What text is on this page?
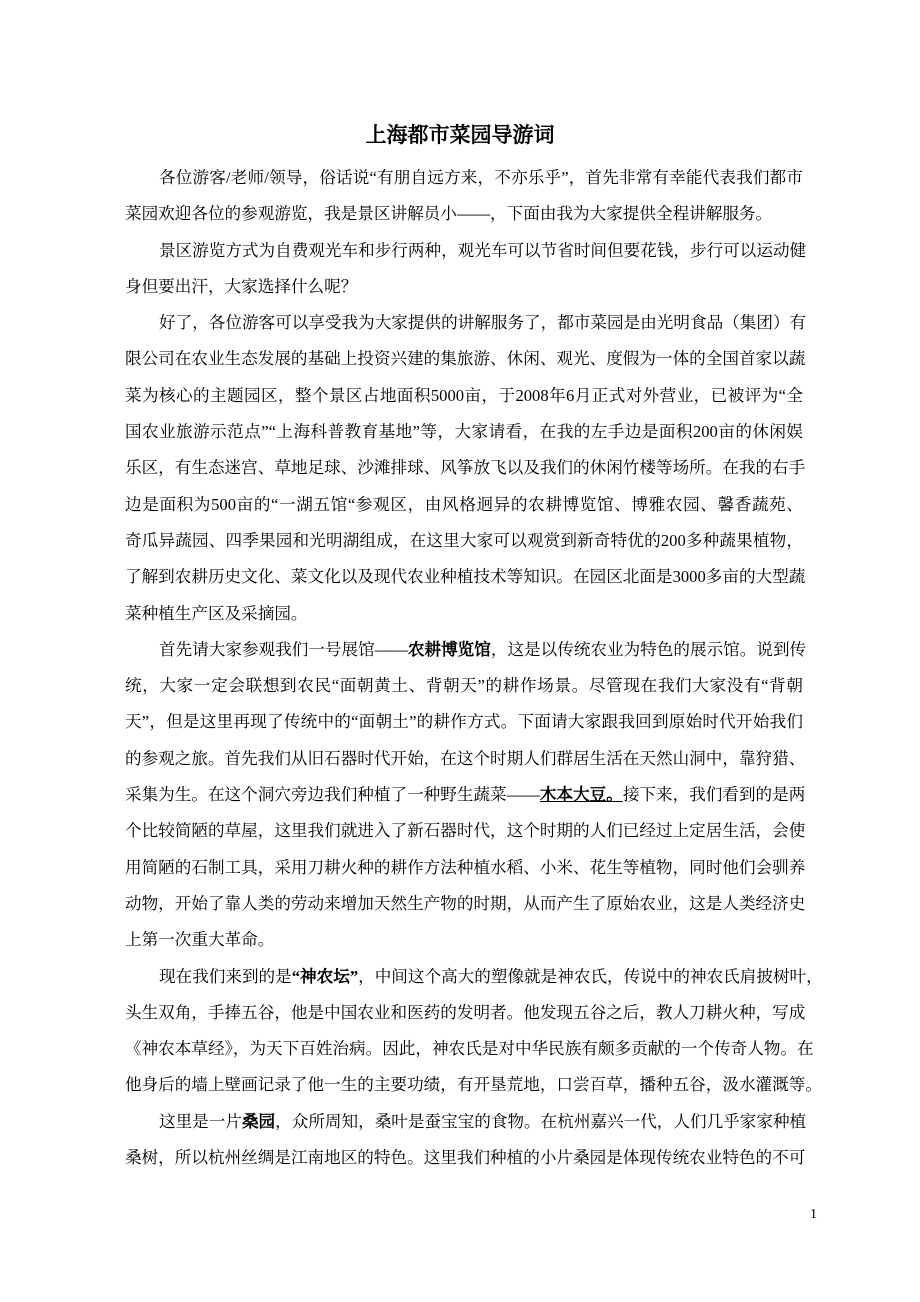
上海都市菜园导游词
各位游客/老师/领导，俗话说“有朋自远方来，不亦乐乎”，首先非常有幸能代表我们都市
菜园欢迎各位的参观游览，我是景区讲解员小——，下面由我为大家提供全程讲解服务。
景区游览方式为自费观光车和步行两种，观光车可以节省时间但要花钱，步行可以运动健
身但要出汗，大家选择什么呢？
好了，各位游客可以享受我为大家提供的讲解服务了，都市菜园是由光明食品（集团）有
限公司在农业生态发展的基础上投资兴建的集旅游、休闲、观光、度假为一体的全国首家以蔬
菜为核心的主题园区，整个景区占地面积5000亩，于2008年6月正式对外营业，已被评为“全
国农业旅游示范点”“上海科普教育基地”等，大家请看，在我的左手边是面积200亩的休闲娱
乐区，有生态迷宫、草地足球、沙滩排球、风筝放飞以及我们的休闲竹楼等场所。在我的右手
边是面积为500亩的“一湖五馆“参观区，由风格迥异的农耕博览馆、博雅农园、馨香蔬苑、
奇瓜异蔬园、四季果园和光明湖组成，在这里大家可以观赏到新奇特优的200多种蔬果植物，
了解到农耕历史文化、菜文化以及现代农业种植技术等知识。在园区北面是3000多亩的大型蔬
菜种植生产区及采摘园。
首先请大家参观我们一号展馆——农耕博览馆，这是以传统农业为特色的展示馆。说到传
统，大家一定会联想到农民“面朝黄土、背朝天”的耕作场景。尽管现在我们大家没有“背朝
天”，但是这里再现了传统中的“面朝土”的耕作方式。下面请大家跟我回到原始时代开始我们
的参观之旅。首先我们从旧石器时代开始，在这个时期人们群居生活在天然山洞中，靠狩猎、
采集为生。在这个洞穴旁边我们种植了一种野生蔬菜——木本大豆。接下来，我们看到的是两
个比较简陋的草屋，这里我们就进入了新石器时代，这个时期的人们已经过上定居生活，会使
用简陋的石制工具，采用刀耕火种的耕作方法种植水稻、小米、花生等植物，同时他们会驯养
动物，开始了靠人类的劳动来增加天然生产物的时期，从而产生了原始农业，这是人类经济史
上第一次重大革命。
现在我们来到的是“神农坛”，中间这个高大的塑像就是神农氏，传说中的神农氏肩披树叶，
头生双角，手捧五谷，他是中国农业和医药的发明者。他发现五谷之后，教人刀耕火种，写成
《神农本草经》，为天下百姓治病。因此，神农氏是对中华民族有颇多贡献的一个传奇人物。在
他身后的墙上壁画记录了他一生的主要功绩，有开垦荒地，口尝百草，播种五谷，汲水灌溉等。
这里是一片桑园，众所周知，桑叶是蚕宝宝的食物。在杭州嘉兴一代，人们几乎家家种植
桑树，所以杭州丝绸是江南地区的特色。这里我们种植的小片桑园是体现传统农业特色的不可
1
